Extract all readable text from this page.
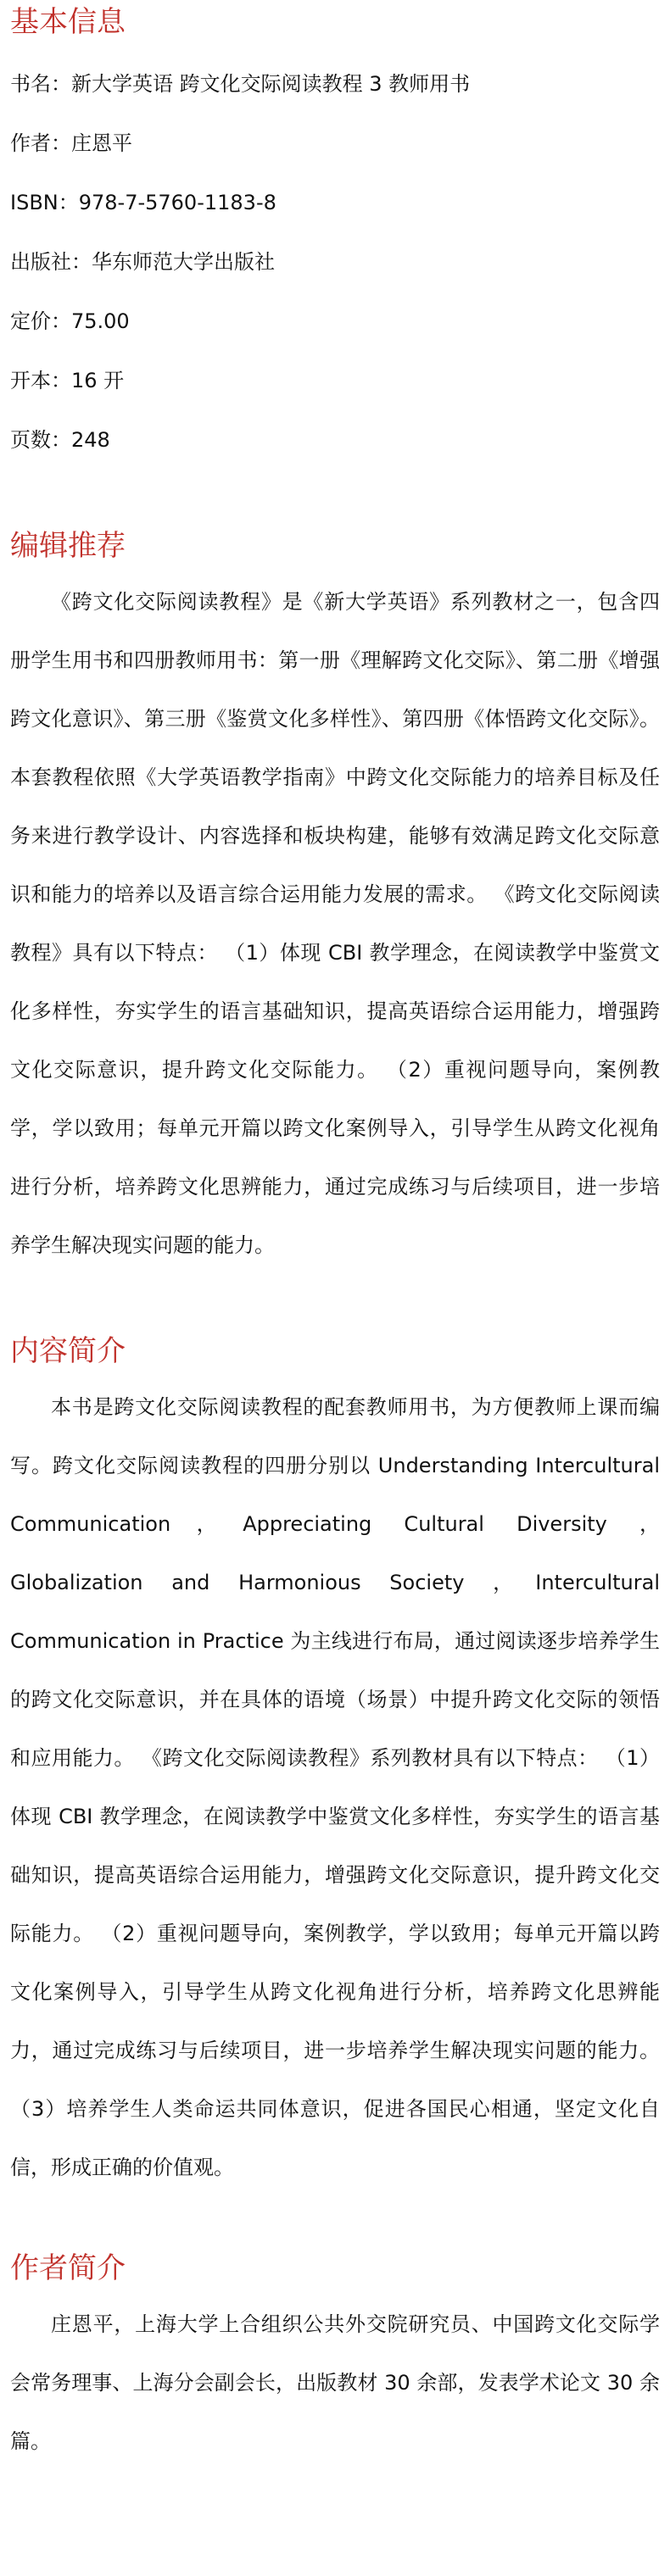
基本信息
书名：新大学英语 跨文化交际阅读教程 3 教师用书
作者：庄恩平
ISBN：978-7-5760-1183-8
出版社：华东师范大学出版社
定价：75.00
开本：16 开
页数：248
编辑推荐

《跨文化交际阅读教程》是《新大学英语》系列教材之一，包含四册学生用书和四册教师用书：第一册《理解跨文化交际》、第二册《增强跨文化意识》、第三册《鉴赏文化多样性》、第四册《体悟跨文化交际》。本套教程依照《大学英语教学指南》中跨文化交际能力的培养目标及任务来进行教学设计、内容选择和板块构建，能够有效满足跨文化交际意识和能力的培养以及语言综合运用能力发展的需求。 《跨文化交际阅读教程》具有以下特点： （1）体现 CBI 教学理念，在阅读教学中鉴赏文化多样性，夯实学生的语言基础知识，提高英语综合运用能力，增强跨文化交际意识，提升跨文化交际能力。 （2）重视问题导向，案例教学，学以致用；每单元开篇以跨文化案例导入，引导学生从跨文化视角进行分析，培养跨文化思辨能力，通过完成练习与后续项目，进一步培养学生解决现实问题的能力。

内容简介

本书是跨文化交际阅读教程的配套教师用书，为方便教师上课而编写。跨文化交际阅读教程的四册分别以 Understanding Intercultural Communication，Appreciating Cultural Diversity ，Globalization and Harmonious Society ，Intercultural Communication in Practice 为主线进行布局，通过阅读逐步培养学生的跨文化交际意识，并在具体的语境（场景）中提升跨文化交际的领悟和应用能力。 《跨文化交际阅读教程》系列教材具有以下特点： （1）体现 CBI 教学理念，在阅读教学中鉴赏文化多样性，夯实学生的语言基础知识，提高英语综合运用能力，增强跨文化交际意识，提升跨文化交际能力。 （2）重视问题导向，案例教学，学以致用；每单元开篇以跨文化案例导入，引导学生从跨文化视角进行分析，培养跨文化思辨能力，通过完成练习与后续项目，进一步培养学生解决现实问题的能力。 （3）培养学生人类命运共同体意识，促进各国民心相通，坚定文化自信，形成正确的价值观。

作者简介

庄恩平，上海大学上合组织公共外交院研究员、中国跨文化交际学会常务理事、上海分会副会长，出版教材 30 余部，发表学术论文 30 余篇。
